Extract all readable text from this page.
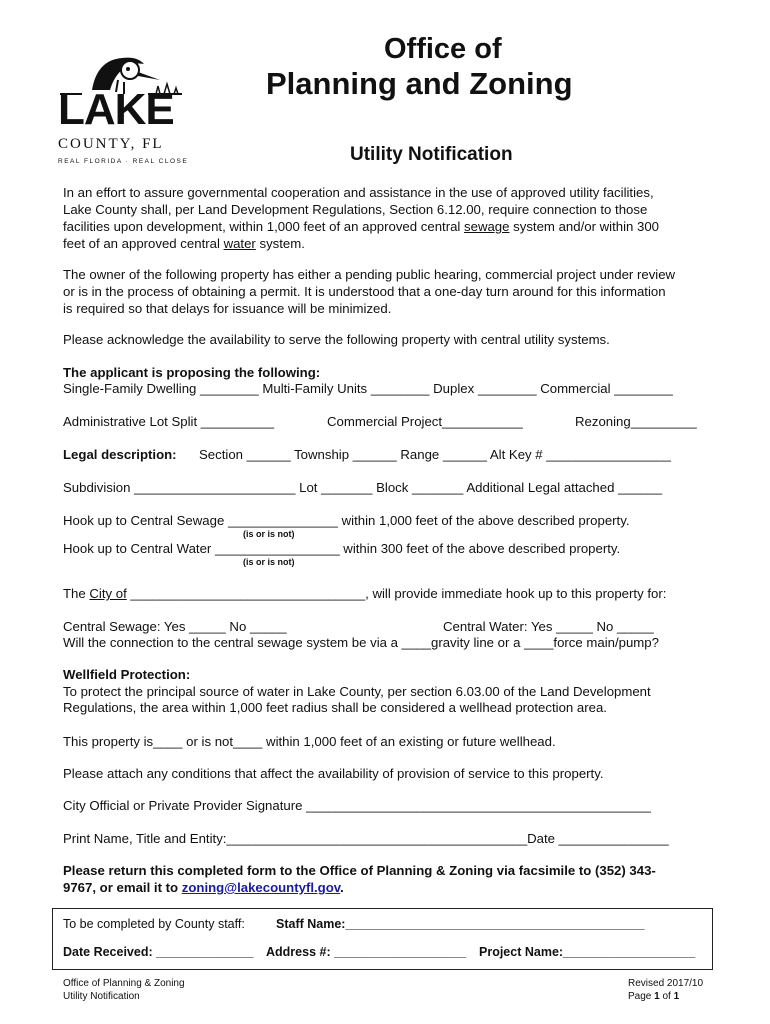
LAKE
COUNTY, FL
REAL FLORIDA · REAL CLOSE
Office of
Planning and Zoning
Utility Notification
In an effort to assure governmental cooperation and assistance in the use of approved utility facilities,
Lake County shall, per Land Development Regulations, Section 6.12.00, require connection to those
facilities upon development, within 1,000 feet of an approved central sewage system and/or within 300
feet of an approved central water system.
The owner of the following property has either a pending public hearing, commercial project under review
or is in the process of obtaining a permit. It is understood that a one-day turn around for this information
is required so that delays for issuance will be minimized.
Please acknowledge the availability to serve the following property with central utility systems.
The applicant is proposing the following:
Single-Family Dwelling ________ Multi-Family Units ________ Duplex ________ Commercial ________
Administrative Lot Split __________	Commercial Project___________	Rezoning_________
Legal description: Section ______ Township ______ Range ______ Alt Key # _________________
Subdivision ______________________ Lot _______ Block _______ Additional Legal attached ______
Hook up to Central Sewage _______________ within 1,000 feet of the above described property.
(is or is not)
Hook up to Central Water _________________ within 300 feet of the above described property.
(is or is not)
The City of ________________________________, will provide immediate hook up to this property for:
Central Sewage: Yes _____ No _____	Central Water: Yes _____ No _____
Will the connection to the central sewage system be via a ____gravity line or a ____force main/pump?
Wellfield Protection:
To protect the principal source of water in Lake County, per section 6.03.00 of the Land Development
Regulations, the area within 1,000 feet radius shall be considered a wellhead protection area.
This property is____ or is not____ within 1,000 feet of an existing or future wellhead.
Please attach any conditions that affect the availability of provision of service to this property.
City Official or Private Provider Signature _______________________________________________
Print Name, Title and Entity:_________________________________________Date _______________
Please return this completed form to the Office of Planning & Zoning via facsimile to (352) 343-
9767, or email it to zoning@lakecountyfl.gov.
To be completed by County staff: Staff Name:___________________________________________
Date Received: ______________ Address #: ___________________ Project Name:___________________
Office of Planning & Zoning
Utility Notification
Revised 2017/10
Page 1 of 1
